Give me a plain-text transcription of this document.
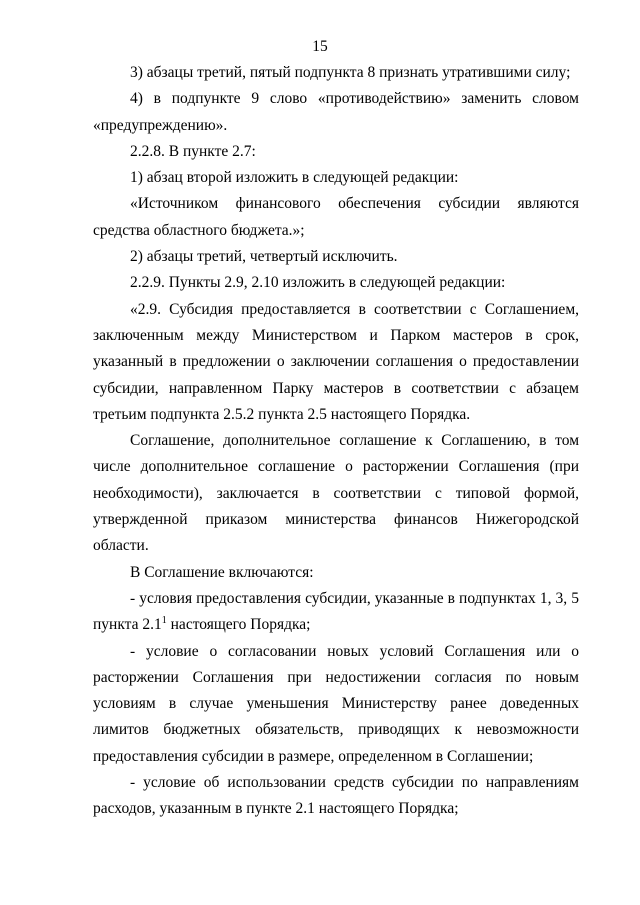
15

3) абзацы третий, пятый подпункта 8 признать утратившими силу;

4) в подпункте 9 слово «противодействию» заменить словом «предупреждению».

2.2.8. В пункте 2.7:

1) абзац второй изложить в следующей редакции:

«Источником финансового обеспечения субсидии являются средства областного бюджета.»;

2) абзацы третий, четвертый исключить.

2.2.9. Пункты 2.9, 2.10 изложить в следующей редакции:

«2.9. Субсидия предоставляется в соответствии с Соглашением, заключенным между Министерством и Парком мастеров в срок, указанный в предложении о заключении соглашения о предоставлении субсидии, направленном Парку мастеров в соответствии с абзацем третьим подпункта 2.5.2 пункта 2.5 настоящего Порядка.

Соглашение, дополнительное соглашение к Соглашению, в том числе дополнительное соглашение о расторжении Соглашения (при необходимости), заключается в соответствии с типовой формой, утвержденной приказом министерства финансов Нижегородской области.

В Соглашение включаются:

- условия предоставления субсидии, указанные в подпунктах 1, 3, 5 пункта $2.1^1$ настоящего Порядка;

- условие о согласовании новых условий Соглашения или о расторжении Соглашения при недостижении согласия по новым условиям в случае уменьшения Министерству ранее доведенных лимитов бюджетных обязательств, приводящих к невозможности предоставления субсидии в размере, определенном в Соглашении;

- условие об использовании средств субсидии по направлениям расходов, указанным в пункте 2.1 настоящего Порядка;
